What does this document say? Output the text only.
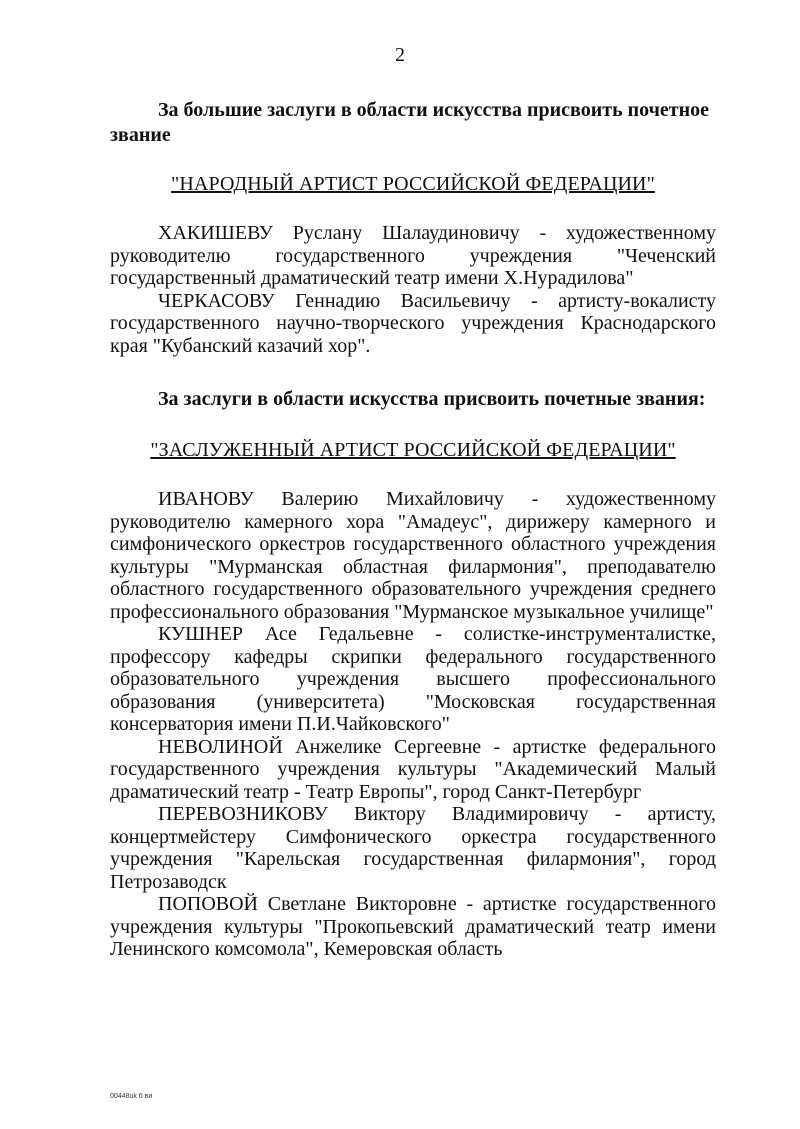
2

За большие заслуги в области искусства присвоить почетное звание

"НАРОДНЫЙ АРТИСТ РОССИЙСКОЙ ФЕДЕРАЦИИ"

ХАКИШЕВУ Руслану Шалаудиновичу - художественному руководителю государственного учреждения "Чеченский государственный драматический театр имени Х.Нурадилова"

ЧЕРКАСОВУ Геннадию Васильевичу - артисту-вокалисту государственного научно-творческого учреждения Краснодарского края "Кубанский казачий хор".

За заслуги в области искусства присвоить почетные звания:

"ЗАСЛУЖЕННЫЙ АРТИСТ РОССИЙСКОЙ ФЕДЕРАЦИИ"

ИВАНОВУ Валерию Михайловичу - художественному руководителю камерного хора "Амадеус", дирижеру камерного и симфонического оркестров государственного областного учреждения культуры "Мурманская областная филармония", преподавателю областного государственного образовательного учреждения среднего профессионального образования "Мурманское музыкальное училище"

КУШНЕР Асе Гедальевне - солистке-инструменталистке, профессору кафедры скрипки федерального государственного образовательного учреждения высшего профессионального образования (университета) "Московская государственная консерватория имени П.И.Чайковского"

НЕВОЛИНОЙ Анжелике Сергеевне - артистке федерального государственного учреждения культуры "Академический Малый драматический театр - Театр Европы", город Санкт-Петербург

ПЕРЕВОЗНИКОВУ Виктору Владимировичу - артисту, концертмейстеру Симфонического оркестра государственного учреждения "Карельская государственная филармония", город Петрозаводск

ПОПОВОЙ Светлане Викторовне - артистке государственного учреждения культуры "Прокопьевский драматический театр имени Ленинского комсомола", Кемеровская область

00448uk 6 ви
